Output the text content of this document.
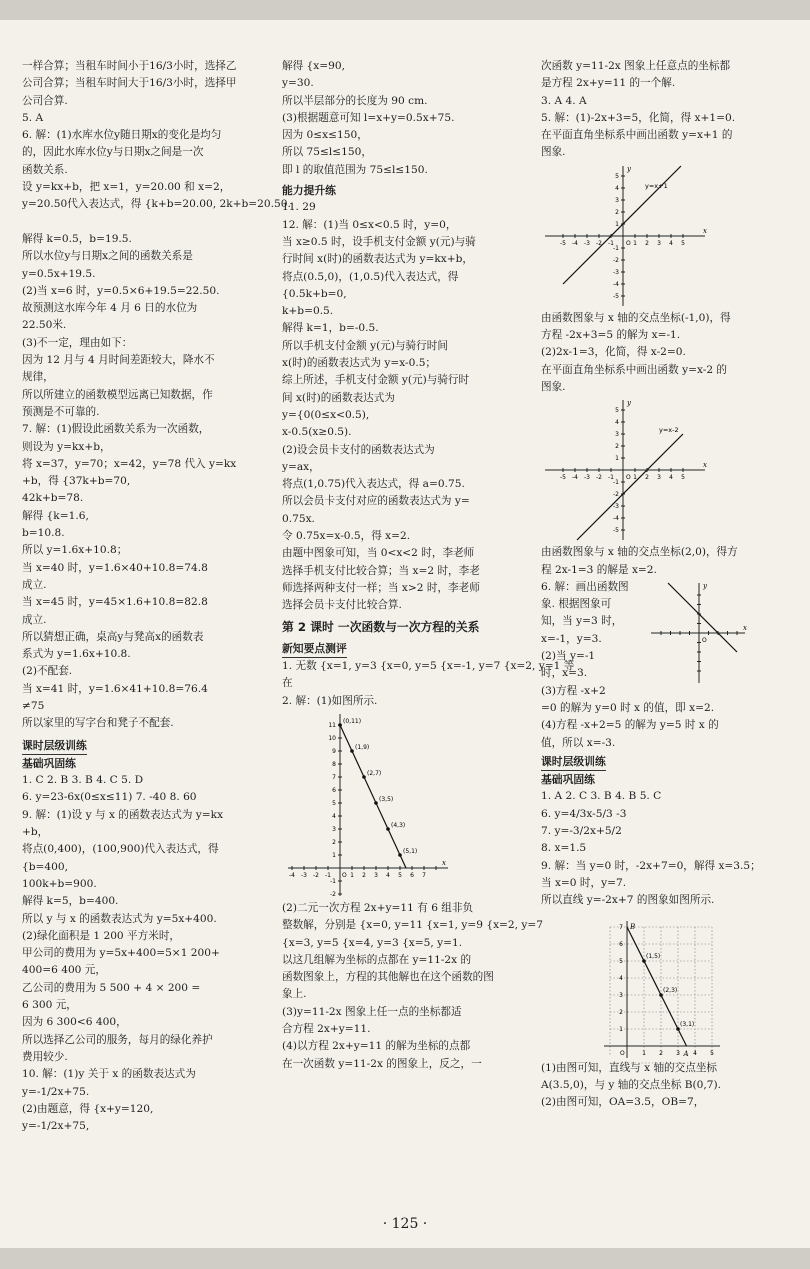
一样合算；当租车时间小于16/3小时，选择乙
公司合算；当租车时间大于16/3小时，选择甲
公司合算.
5. A
6. 解：(1)水库水位y随日期x的变化是均匀
的，因此水库水位y与日期x之间是一次
函数关系.
设 y=kx+b，把 x=1，y=20.00 和 x=2，
y=20.50代入表达式，得 {k+b=20.00, 2k+b=20.50.

解得 k=0.5，b=19.5.
所以水位y与日期x之间的函数关系是
y=0.5x+19.5.
(2)当 x=6 时，y=0.5×6+19.5=22.50.
故预测这水库今年 4 月 6 日的水位为
22.50米.
(3)不一定，理由如下：
因为 12 月与 4 月时间差距较大，降水不
规律，
所以所建立的函数模型远离已知数据，作
预测是不可靠的.
7. 解：(1)假设此函数关系为一次函数，
则设为 y=kx+b，
将 x=37，y=70；x=42，y=78 代入 y=kx
+b，得 {37k+b=70,
42k+b=78.
解得 {k=1.6,
b=10.8.
所以 y=1.6x+10.8；
当 x=40 时，y=1.6×40+10.8=74.8
成立.
当 x=45 时，y=45×1.6+10.8=82.8
成立.
所以猜想正确，桌高y与凳高x的函数表
系式为 y=1.6x+10.8.
(2)不配套.
当 x=41 时，y=1.6×41+10.8=76.4
≠75
所以家里的写字台和凳子不配套.
课时层级训练
基础巩固练
1. C 2. B 3. B 4. C 5. D
6. y=23-6x(0≤x≤11) 7. -40 8. 60
9. 解：(1)设 y 与 x 的函数表达式为 y=kx
+b，
将点(0,400)，(100,900)代入表达式，得
{b=400,
100k+b=900.
解得 k=5，b=400.
所以 y 与 x 的函数表达式为 y=5x+400.
(2)绿化面积是 1 200 平方米时，
甲公司的费用为 y=5x+400=5×1 200+
400=6 400 元，
乙公司的费用为 5 500 + 4 × 200 =
6 300 元，
因为 6 300<6 400，
所以选择乙公司的服务，每月的绿化养护
费用较少.
10. 解：(1)y 关于 x 的函数表达式为
y=-1/2x+75.
(2)由题意，得 {x+y=120,
y=-1/2x+75,
解得 {x=90,
y=30.
所以半层部分的长度为 90 cm.
(3)根据题意可知 l=x+y=0.5x+75.
因为 0≤x≤150，
所以 75≤l≤150，
即 l 的取值范围为 75≤l≤150.
能力提升练
11. 29
12. 解：(1)当 0≤x<0.5 时，y=0，
当 x≥0.5 时，设手机支付金额 y(元)与骑
行时间 x(时)的函数表达式为 y=kx+b，
将点(0.5,0)，(1,0.5)代入表达式，得
{0.5k+b=0,
k+b=0.5.
解得 k=1，b=-0.5.
所以手机支付金额 y(元)与骑行时间
x(时)的函数表达式为 y=x-0.5；
综上所述，手机支付金额 y(元)与骑行时
间 x(时)的函数表达式为
y={0(0≤x<0.5),
x-0.5(x≥0.5).
(2)设会员卡支付的函数表达式为
y=ax，
将点(1,0.75)代入表达式，得 a=0.75.
所以会员卡支付对应的函数表达式为 y=
0.75x.
令 0.75x=x-0.5，得 x=2.
由题中图象可知，当 0<x<2 时，李老师
选择手机支付比较合算；当 x=2 时，李老
师选择两种支付一样；当 x>2 时，李老师
选择会员卡支付比较合算.
第 2 课时 一次函数与一次方程的关系
新知要点测评
1. 无数 {x=1, y=3 {x=0, y=5 {x=-1, y=7 {x=2, y=1 等
在
2. 解：(1)如图所示.
-4 -3 -2 -1	1 2 3 4 5 6 7
-2
-1
1
2
3
4
5
6
7
8
9
10
11
O
x
(0,11)
(1,9)
(2,7)
(3,5)
(4,3)
(5,1)
(2)二元一次方程 2x+y=11 有 6 组非负
整数解，分别是 {x=0, y=11 {x=1, y=9 {x=2, y=7
{x=3, y=5 {x=4, y=3 {x=5, y=1.
以这几组解为坐标的点都在 y=11-2x 的
函数图象上，方程的其他解也在这个函数的图
象上.
(3)y=11-2x 图象上任一点的坐标都适
合方程 2x+y=11.
(4)以方程 2x+y=11 的解为坐标的点都
在一次函数 y=11-2x 的图象上，反之，一
次函数 y=11-2x 图象上任意点的坐标都
是方程 2x+y=11 的一个解.
3. A 4. A
5. 解：(1)-2x+3=5，化简，得 x+1=0.
在平面直角坐标系中画出函数 y=x+1 的
图象.
-5 -4 -3 -2 -1	1 2 3 4 5
-5
-4
-3
-2
-1
1
2
3
4
5
O
x
y
y=x+1
由函数图象与 x 轴的交点坐标(-1,0)，得
方程 -2x+3=5 的解为 x=-1.
(2)2x-1=3，化简，得 x-2=0.
在平面直角坐标系中画出函数 y=x-2 的
图象.
-5 -4 -3 -2 -1	1 2 3 4 5
-5
-4
-3
-2
-1
1
2
3
4
5
O
x
y
y=x-2
由函数图象与 x 轴的交点坐标(2,0)，得方
程 2x-1=3 的解是 x=2.
6. 解：画出函数图
象. 根据图象可
知，当 y=3 时，
x=-1，y=3.
(2)当 y=-1
时，x=3.
(3)方程 -x+2
=0 的解为 y=0 时 x 的值，即 x=2.
(4)方程 -x+2=5 的解为 y=5 时 x 的
值，所以 x=-3.
O
x
y
课时层级训练
基础巩固练
1. A 2. C 3. B 4. B 5. C
6. y=4/3x-5/3 -3
7. y=-3/2x+5/2
8. x=1.5
9. 解：当 y=0 时，-2x+7=0，解得 x=3.5；
当 x=0 时，y=7.
所以直线 y=-2x+7 的图象如图所示.
1 2 3 4 5
1
2
3
4
5
6
7
(1,5)
(2,3)
(3,1)
B
A
O
(1)由图可知，直线与 x 轴的交点坐标
A(3.5,0)，与 y 轴的交点坐标 B(0,7).
(2)由图可知，OA=3.5，OB=7，
· 125 ·
